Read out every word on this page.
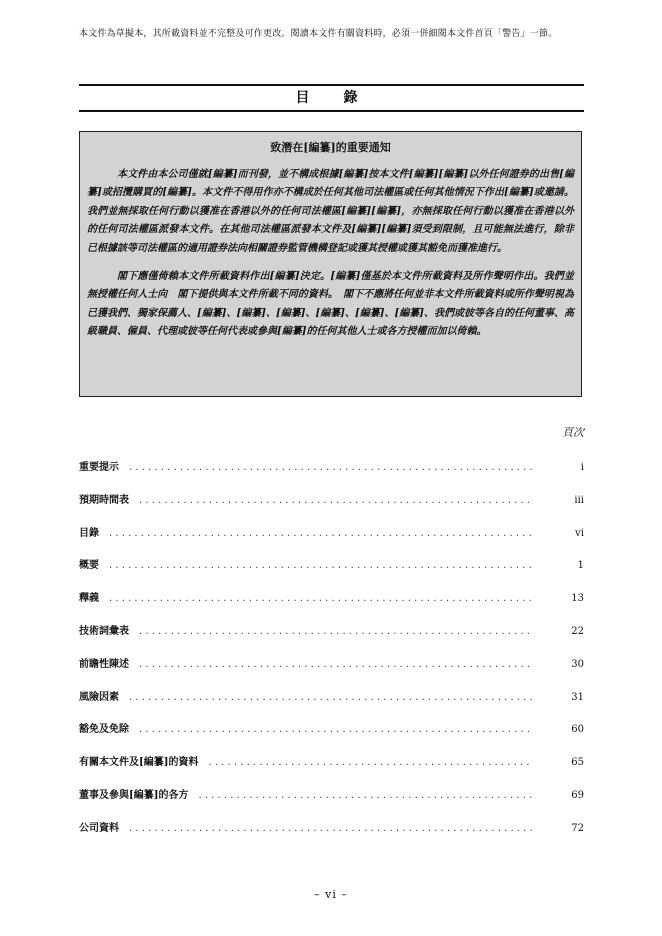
本文件為草擬本，其所載資料並不完整及可作更改。閱讀本文件有關資料時，必須一併細閱本文件首頁「警告」一節。
目　錄
致潛在[編纂]的重要通知

本文件由本公司僅就[編纂]而刊發，並不構成根據[編纂]按本文件[編纂][編纂]以外任何證券的出售[編纂]或招攬購買的[編纂]。本文件不得用作亦不構成於任何其他司法權區或任何其他情況下作出[編纂]或邀請。我們並無採取任何行動以獲准在香港以外的任何司法權區[編纂][編纂]，亦無採取任何行動以獲准在香港以外的任何司法權區派發本文件。在其他司法權區派發本文件及[編纂][編纂]須受到限制，且可能無法進行，除非已根據該等司法權區的適用證券法向相關證券監管機構登記或獲其授權或獲其豁免而獲准進行。

閣下應僅倚賴本文件所載資料作出[編纂]決定。[編纂]僅基於本文件所載資料及所作聲明作出。我們並無授權任何人士向　閣下提供與本文件所載不同的資料。　閣下不應將任何並非本文件所載資料或所作聲明視為已獲我們、獨家保薦人、[編纂]、[編纂]、[編纂]、[編纂]、[編纂]、[編纂]、我們或彼等各自的任何董事、高級職員、僱員、代理或彼等任何代表或參與[編纂]的任何其他人士或各方授權而加以倚賴。

頁次
重要提示 . . .	i
預期時間表 . . .	iii
目錄 . . .	vi
概要 . . .	1
釋義 . . .	13
技術詞彙表 . . .	22
前瞻性陳述 . . .	30
風險因素 . . .	31
豁免及免除 . . .	60
有關本文件及[編纂]的資料 . . .	65
董事及參與[編纂]的各方 . . .	69
公司資料 . . .	72
– vi –
